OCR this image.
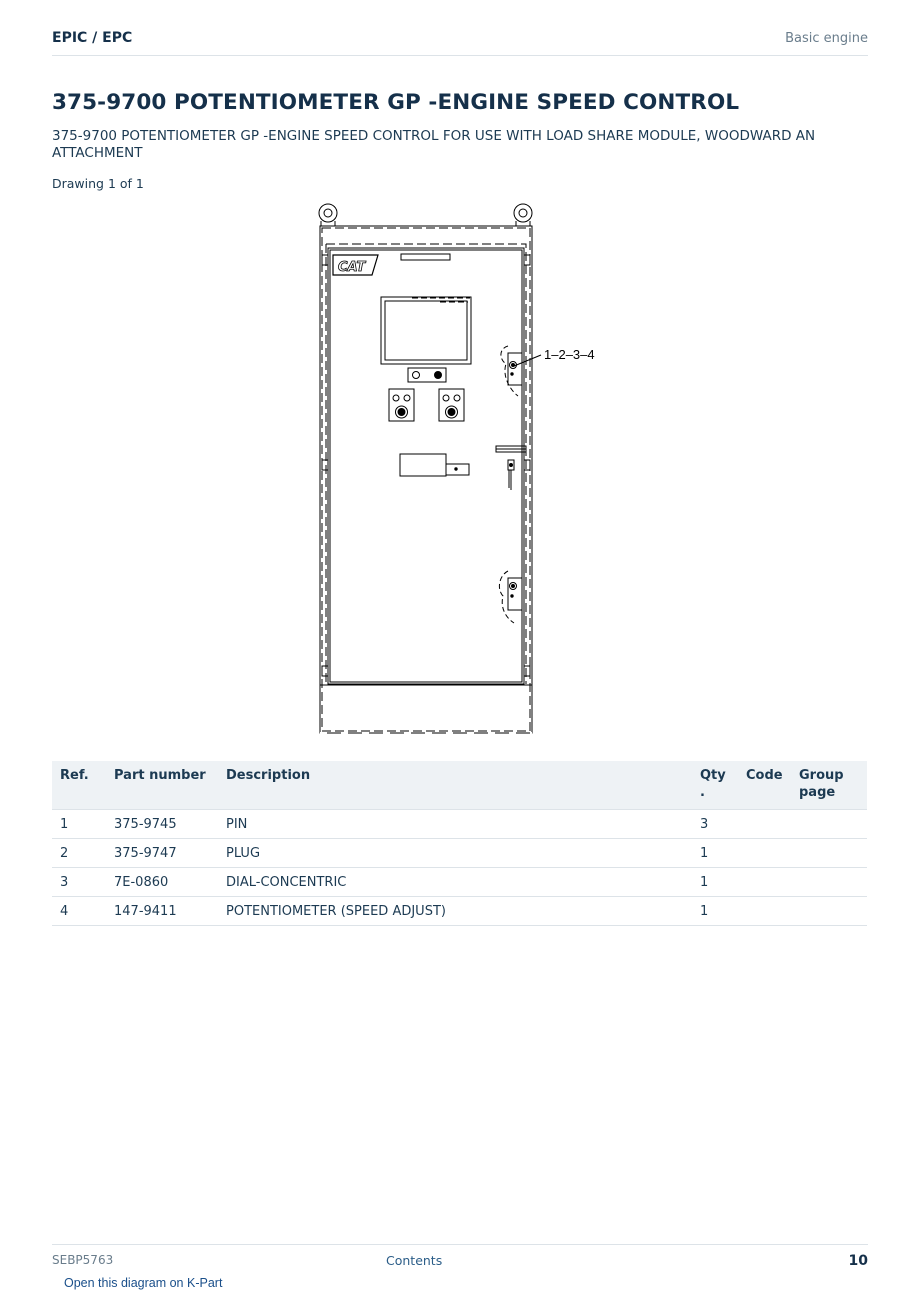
EPIC / EPC	Basic engine
375-9700 POTENTIOMETER GP -ENGINE SPEED CONTROL

375-9700 POTENTIOMETER GP -ENGINE SPEED CONTROL FOR USE WITH LOAD SHARE MODULE, WOODWARD AN ATTACHMENT

Drawing 1 of 1
CAT
1–2–3–4
Ref.	Part number	Description	Qty .	Code	Group page
1	375-9745	PIN	3		
2	375-9747	PLUG	1		
3	7E-0860	DIAL-CONCENTRIC	1		
4	147-9411	POTENTIOMETER (SPEED ADJUST)	1		
SEBP5763	Contents	10
Open this diagram on K-Part
